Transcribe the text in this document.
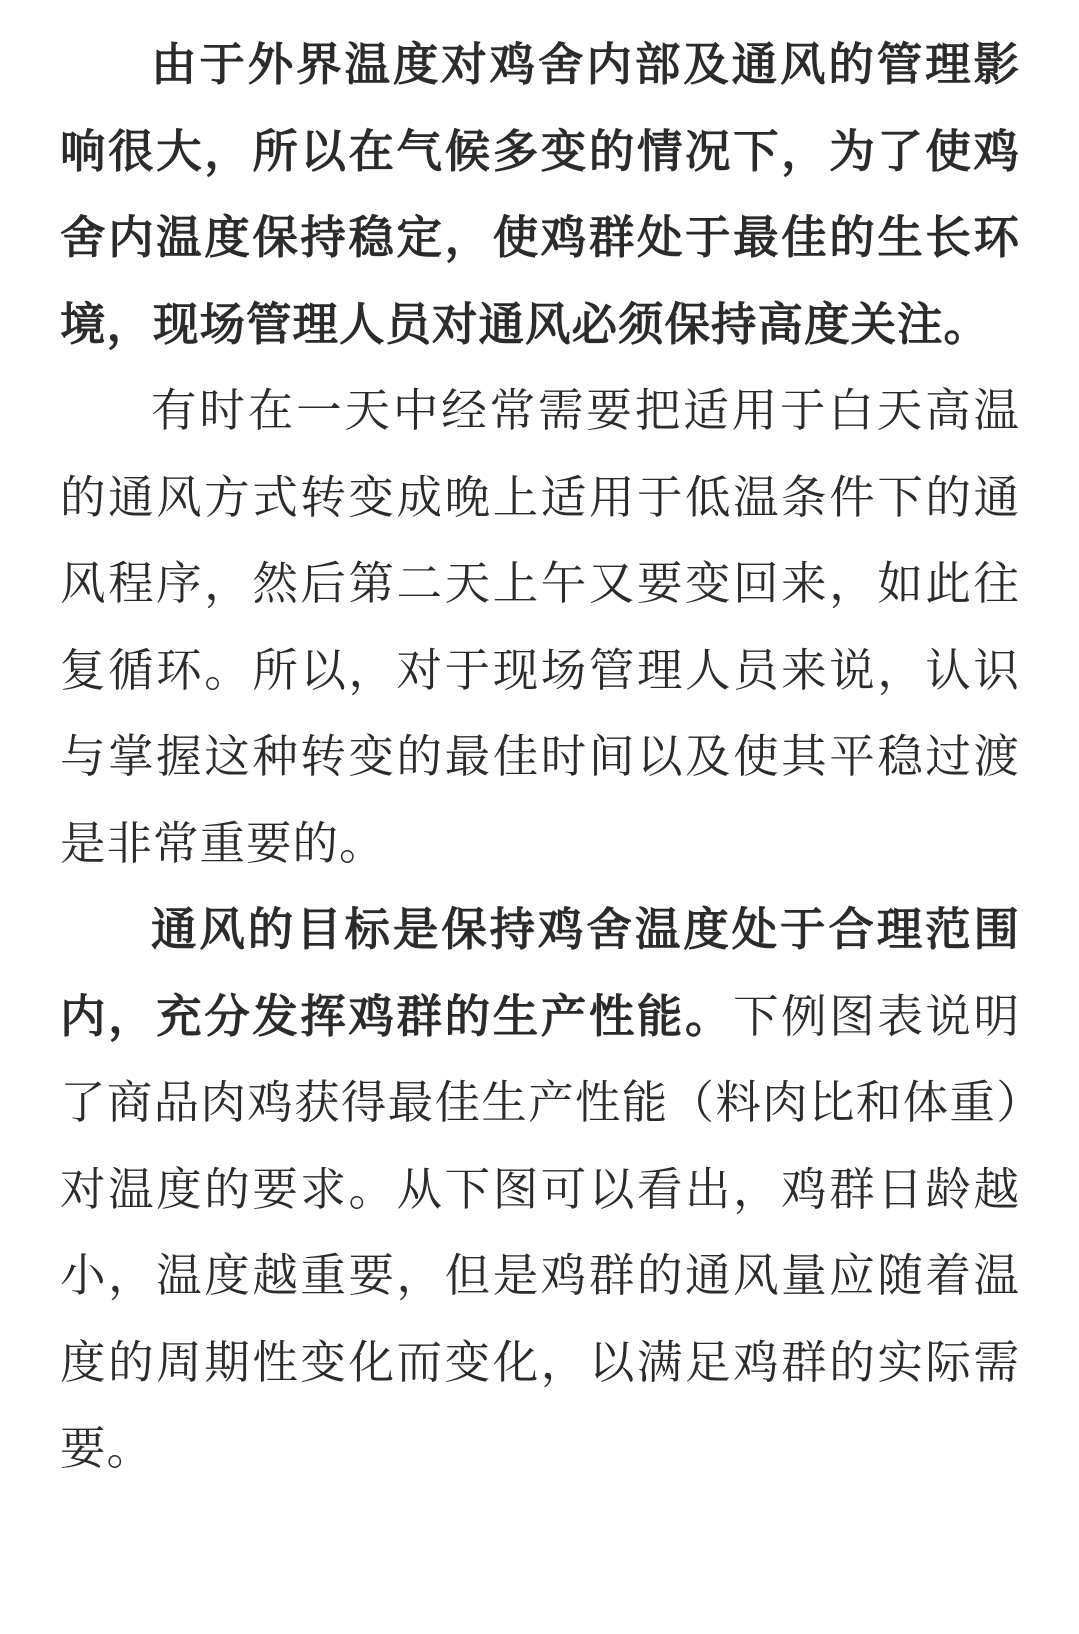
由于外界温度对鸡舍内部及通风的管理影响很大，所以在气候多变的情况下，为了使鸡舍内温度保持稳定，使鸡群处于最佳的生长环境，现场管理人员对通风必须保持高度关注。

有时在一天中经常需要把适用于白天高温的通风方式转变成晚上适用于低温条件下的通风程序，然后第二天上午又要变回来，如此往复循环。所以，对于现场管理人员来说，认识与掌握这种转变的最佳时间以及使其平稳过渡是非常重要的。

通风的目标是保持鸡舍温度处于合理范围内，充分发挥鸡群的生产性能。下例图表说明了商品肉鸡获得最佳生产性能（料肉比和体重）对温度的要求。从下图可以看出，鸡群日龄越小，温度越重要，但是鸡群的通风量应随着温度的周期性变化而变化，以满足鸡群的实际需要。
